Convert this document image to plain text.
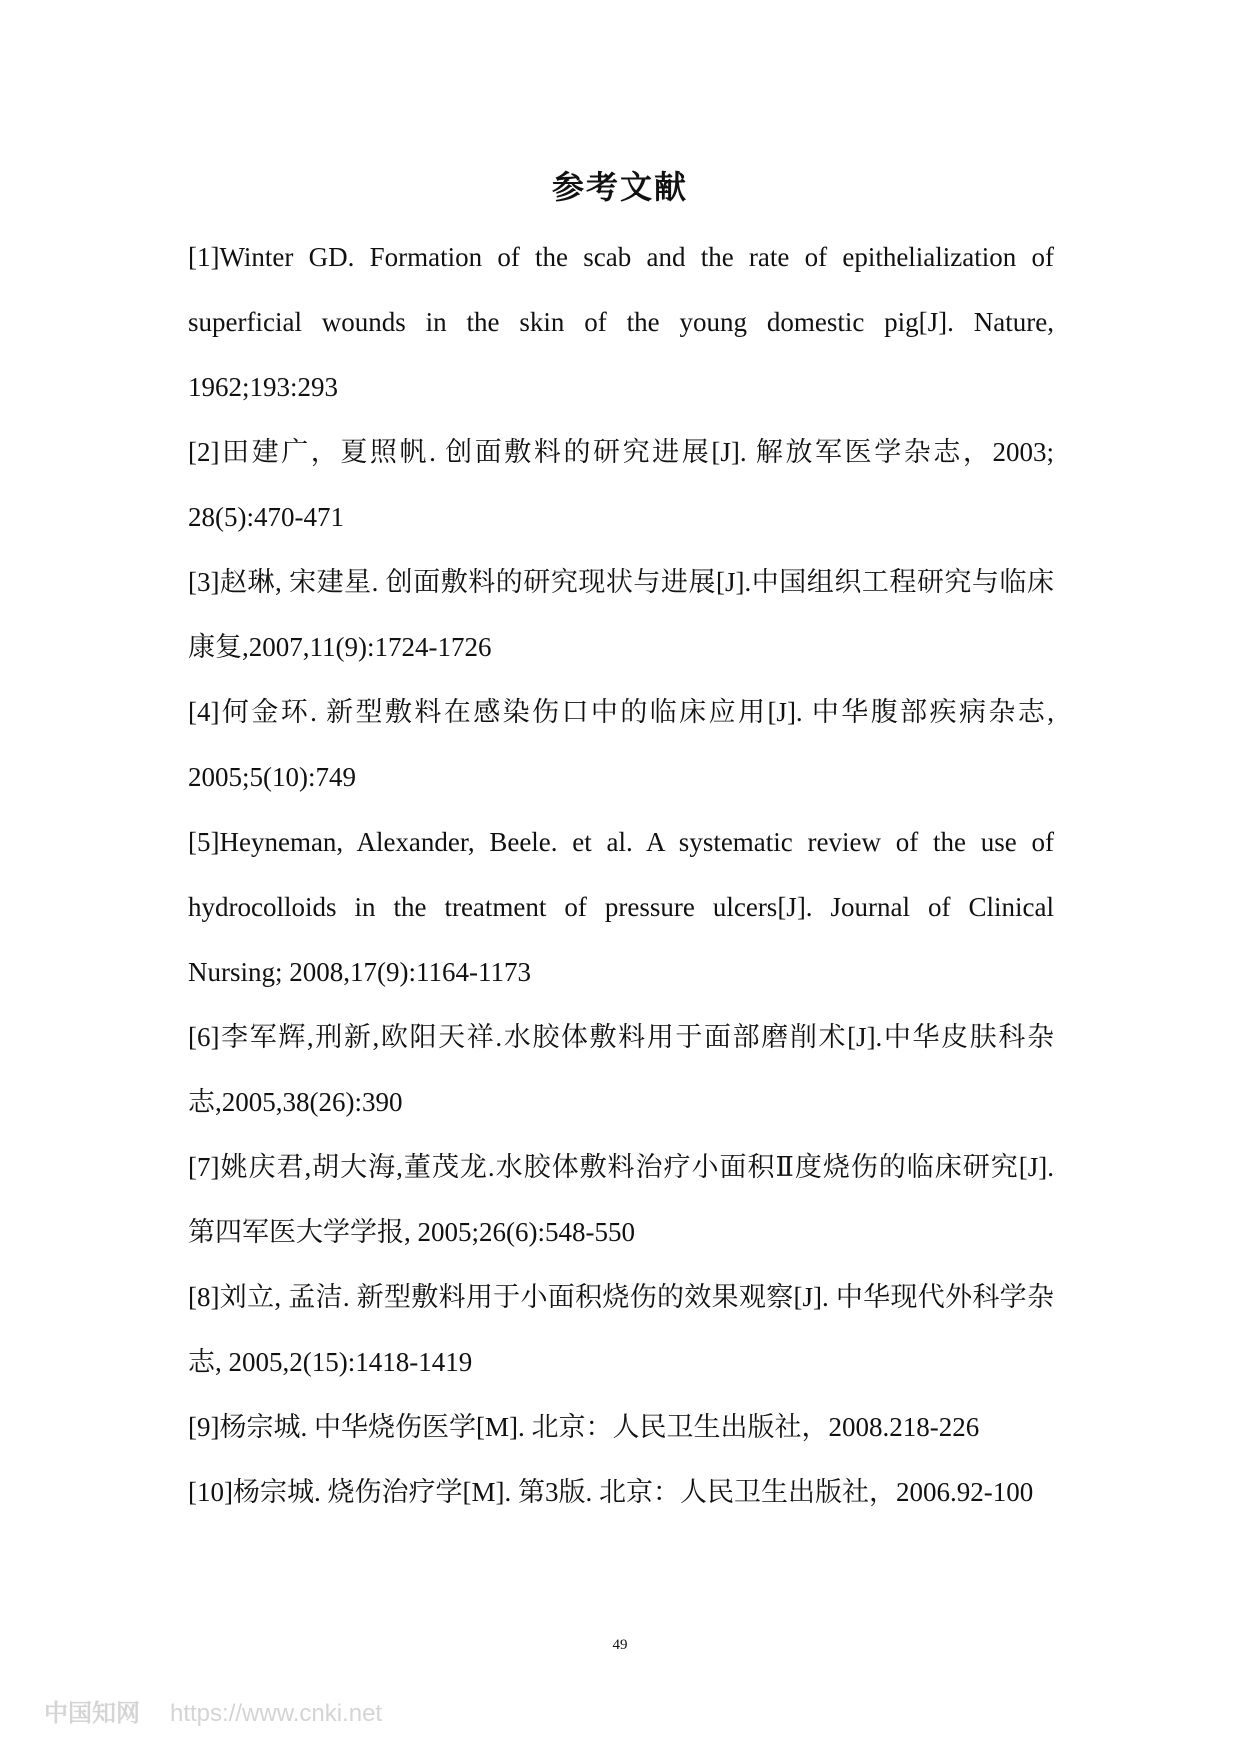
参考文献

[1]Winter GD. Formation of the scab and the rate of epithelialization of superficial wounds in the skin of the young domestic pig[J]. Nature, 1962;193:293

[2]田建广，夏照帆. 创面敷料的研究进展[J]. 解放军医学杂志，2003; 28(5):470-471

[3]赵琳, 宋建星. 创面敷料的研究现状与进展[J].中国组织工程研究与临床康复,2007,11(9):1724-1726

[4]何金环. 新型敷料在感染伤口中的临床应用[J]. 中华腹部疾病杂志, 2005;5(10):749

[5]Heyneman, Alexander, Beele. et al. A systematic review of the use of hydrocolloids in the treatment of pressure ulcers[J]. Journal of Clinical Nursing; 2008,17(9):1164-1173

[6]李军辉,刑新,欧阳天祥.水胶体敷料用于面部磨削术[J].中华皮肤科杂志,2005,38(26):390

[7]姚庆君,胡大海,董茂龙.水胶体敷料治疗小面积Ⅱ度烧伤的临床研究[J]. 第四军医大学学报, 2005;26(6):548-550

[8]刘立, 孟洁. 新型敷料用于小面积烧伤的效果观察[J]. 中华现代外科学杂志, 2005,2(15):1418-1419

[9]杨宗城. 中华烧伤医学[M]. 北京：人民卫生出版社，2008.218-226

[10]杨宗城. 烧伤治疗学[M]. 第3版. 北京：人民卫生出版社，2006.92-100

49
中国知网 https://www.cnki.net
